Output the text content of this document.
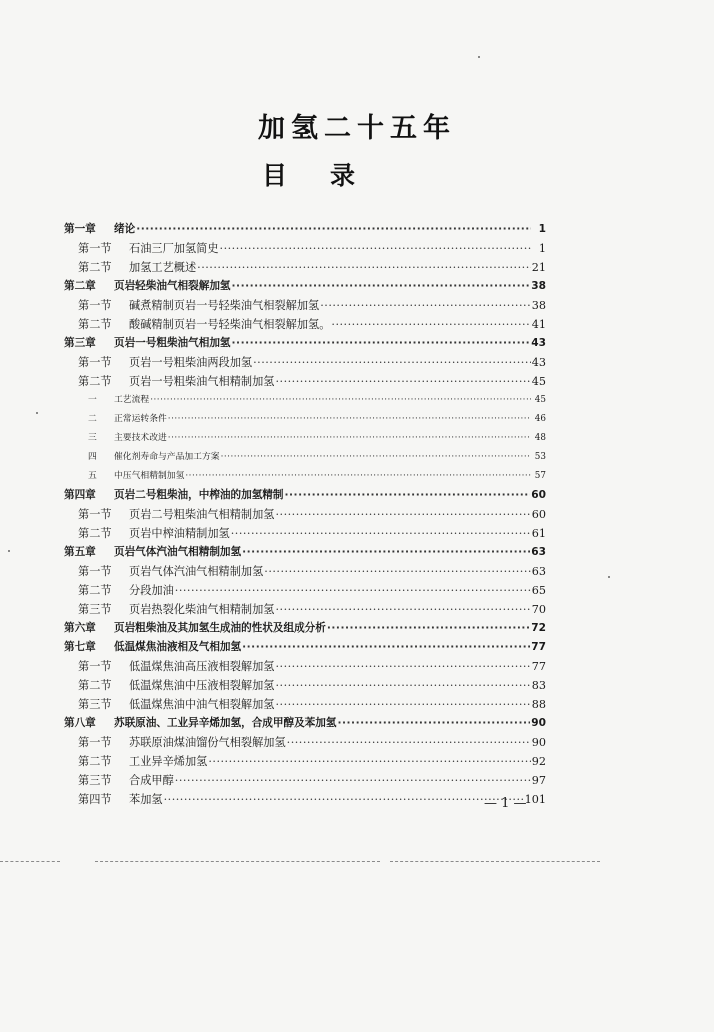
加氢二十五年
目 录
第一章	绪论 ·····	1
第一节	石油三厂加氢简史 ·····	1
第二节	加氢工艺概述 ·····	21
第二章	页岩轻柴油气相裂解加氢 ·····	38
第一节	碱煮精制页岩一号轻柴油气相裂解加氢 ·····	38
第二节	酸碱精制页岩一号轻柴油气相裂解加氢。 ·····	41
第三章	页岩一号粗柴油气相加氢 ·····	43
第一节	页岩一号粗柴油两段加氢 ·····	43
第二节	页岩一号粗柴油气相精制加氢 ·····	45
一	工艺流程 ·····	45
二	正常运转条件 ·····	46
三	主要技术改进 ·····	48
四	催化剂寿命与产品加工方案 ·····	53
五	中压气相精制加氢 ·····	57
第四章	页岩二号粗柴油，中榨油的加氢精制 ·····	60
第一节	页岩二号粗柴油气相精制加氢 ·····	60
第二节	页岩中榨油精制加氢 ·····	61
第五章	页岩气体汽油气相精制加氢 ·····	63
第一节	页岩气体汽油气相精制加氢 ·····	63
第二节	分段加油 ·····	65
第三节	页岩热裂化柴油气相精制加氢 ·····	70
第六章	页岩粗柴油及其加氢生成油的性状及组成分析 ·····	72
第七章	低温煤焦油液相及气相加氢 ·····	77
第一节	低温煤焦油高压液相裂解加氢 ·····	77
第二节	低温煤焦油中压液相裂解加氢 ·····	83
第三节	低温煤焦油中油气相裂解加氢 ·····	88
第八章	苏联原油、工业异辛烯加氢，合成甲醇及苯加氢 ·····	90
第一节	苏联原油煤油馏份气相裂解加氢 ·····	90
第二节	工业异辛烯加氢 ·····	92
第三节	合成甲醇 ·····	97
第四节	苯加氢 ·····	101
— 1 —
